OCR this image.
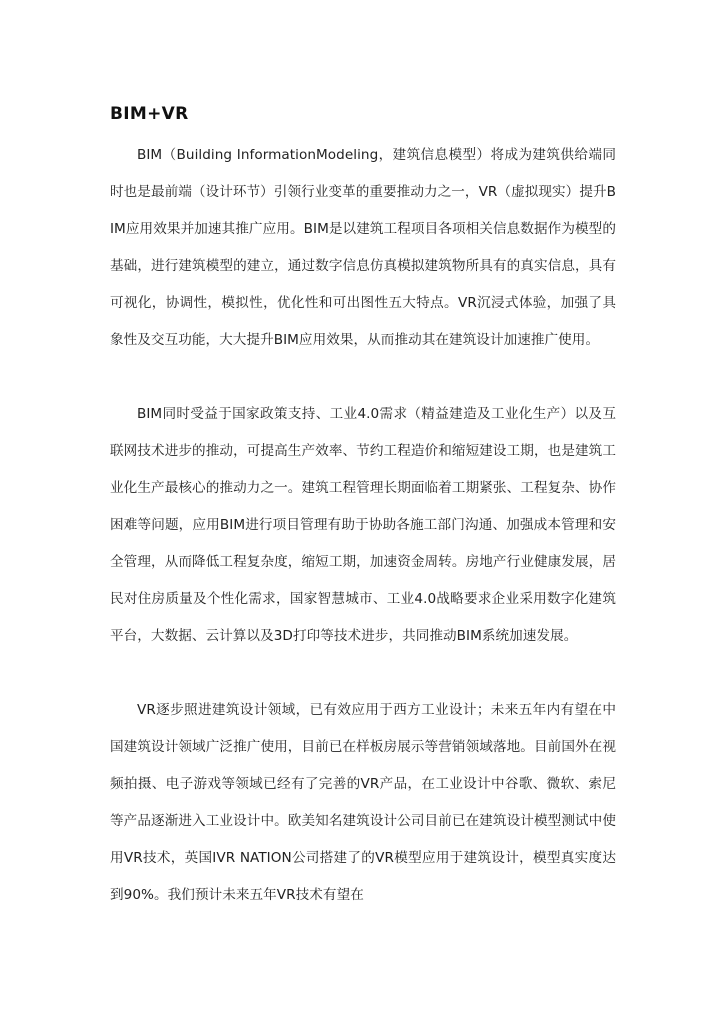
BIM+VR

BIM（Building InformationModeling，建筑信息模型）将成为建筑供给端同时也是最前端（设计环节）引领行业变革的重要推动力之一，VR（虚拟现实）提升BIM应用效果并加速其推广应用。BIM是以建筑工程项目各项相关信息数据作为模型的基础，进行建筑模型的建立，通过数字信息仿真模拟建筑物所具有的真实信息，具有可视化，协调性，模拟性，优化性和可出图性五大特点。VR沉浸式体验，加强了具象性及交互功能，大大提升BIM应用效果，从而推动其在建筑设计加速推广使用。

BIM同时受益于国家政策支持、工业4.0需求（精益建造及工业化生产）以及互联网技术进步的推动，可提高生产效率、节约工程造价和缩短建设工期，也是建筑工业化生产最核心的推动力之一。建筑工程管理长期面临着工期紧张、工程复杂、协作困难等问题，应用BIM进行项目管理有助于协助各施工部门沟通、加强成本管理和安全管理，从而降低工程复杂度，缩短工期，加速资金周转。房地产行业健康发展，居民对住房质量及个性化需求，国家智慧城市、工业4.0战略要求企业采用数字化建筑平台，大数据、云计算以及3D打印等技术进步，共同推动BIM系统加速发展。

VR逐步照进建筑设计领域，已有效应用于西方工业设计；未来五年内有望在中国建筑设计领域广泛推广使用，目前已在样板房展示等营销领域落地。目前国外在视频拍摄、电子游戏等领域已经有了完善的VR产品，在工业设计中谷歌、微软、索尼等产品逐渐进入工业设计中。欧美知名建筑设计公司目前已在建筑设计模型测试中使用VR技术，英国IVR NATION公司搭建了的VR模型应用于建筑设计，模型真实度达到90%。我们预计未来五年VR技术有望在
